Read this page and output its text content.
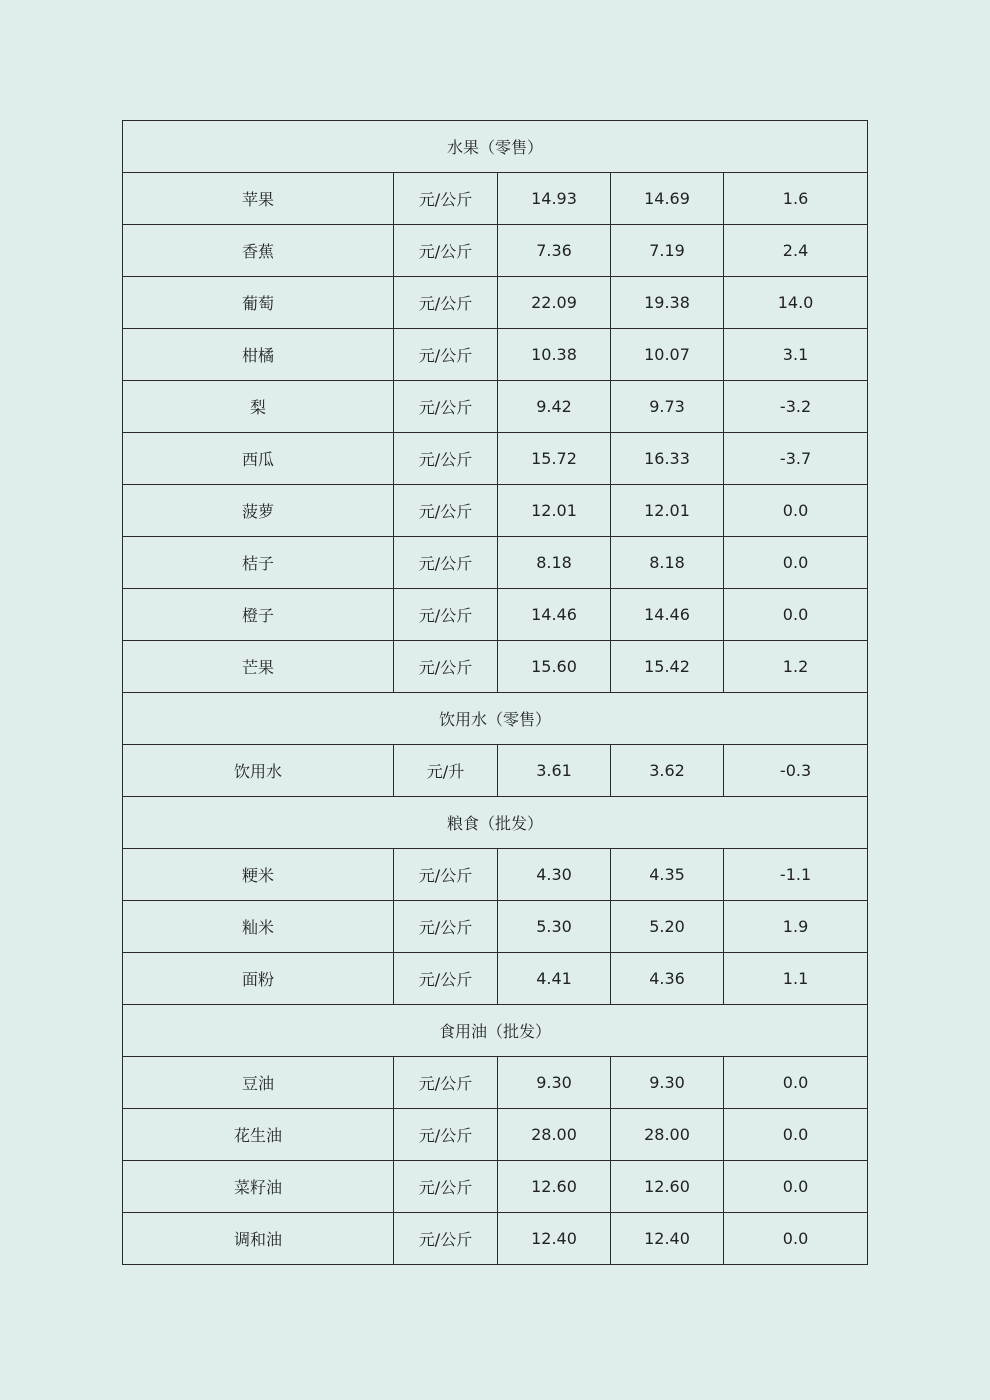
水果（零售）				
苹果	元/公斤	14.93	14.69	1.6
香蕉	元/公斤	7.36	7.19	2.4
葡萄	元/公斤	22.09	19.38	14.0
柑橘	元/公斤	10.38	10.07	3.1
梨	元/公斤	9.42	9.73	-3.2
西瓜	元/公斤	15.72	16.33	-3.7
菠萝	元/公斤	12.01	12.01	0.0
桔子	元/公斤	8.18	8.18	0.0
橙子	元/公斤	14.46	14.46	0.0
芒果	元/公斤	15.60	15.42	1.2
饮用水（零售）				
饮用水	元/升	3.61	3.62	-0.3
粮食（批发）				
粳米	元/公斤	4.30	4.35	-1.1
籼米	元/公斤	5.30	5.20	1.9
面粉	元/公斤	4.41	4.36	1.1
食用油（批发）				
豆油	元/公斤	9.30	9.30	0.0
花生油	元/公斤	28.00	28.00	0.0
菜籽油	元/公斤	12.60	12.60	0.0
调和油	元/公斤	12.40	12.40	0.0
